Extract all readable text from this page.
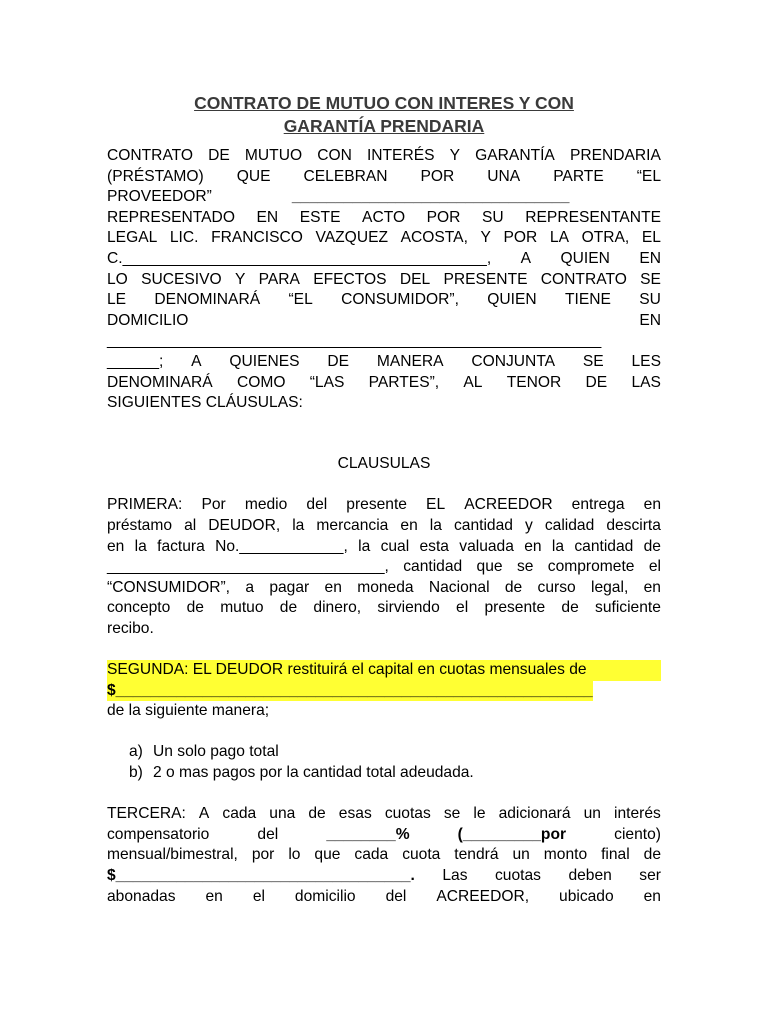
CONTRATO DE MUTUO CON INTERES Y CON
GARANTÍA PRENDARIA
CONTRATO DE MUTUO CON INTERÉS Y GARANTÍA PRENDARIA
(PRÉSTAMO) QUE CELEBRAN POR UNA PARTE “EL
PROVEEDOR”	________________________________
REPRESENTADO EN ESTE ACTO POR SU REPRESENTANTE
LEGAL LIC. FRANCISCO VAZQUEZ ACOSTA, Y POR LA OTRA, EL
C.__________________________________________, A QUIEN EN
LO SUCESIVO Y PARA EFECTOS DEL PRESENTE CONTRATO SE
LE DENOMINARÁ “EL CONSUMIDOR”, QUIEN TIENE SU
DOMICILIO	EN
_________________________________________________________
______; A QUIENES DE MANERA CONJUNTA SE LES
DENOMINARÁ COMO “LAS PARTES”, AL TENOR DE LAS
SIGUIENTES CLÁUSULAS:
CLAUSULAS
PRIMERA: Por medio del presente EL ACREEDOR entrega en
préstamo al DEUDOR, la mercancia en la cantidad y calidad descirta
en la factura No.____________, la cual esta valuada en la cantidad de
________________________________, cantidad que se compromete el
“CONSUMIDOR”, a pagar en moneda Nacional de curso legal, en
concepto de mutuo de dinero, sirviendo el presente de suficiente
recibo.
SEGUNDA: EL DEUDOR restituirá el capital en cuotas mensuales de
$_______________________________________________________
de la siguiente manera;
a) Un solo pago total
b) 2 o mas pagos por la cantidad total adeudada.
TERCERA: A cada una de esas cuotas se le adicionará un interés
compensatorio	del	________%	(_________por	ciento)
mensual/bimestral, por lo que cada cuota tendrá un monto final de
$__________________________________. Las cuotas deben ser
abonadas en el domicilio del ACREEDOR, ubicado en
